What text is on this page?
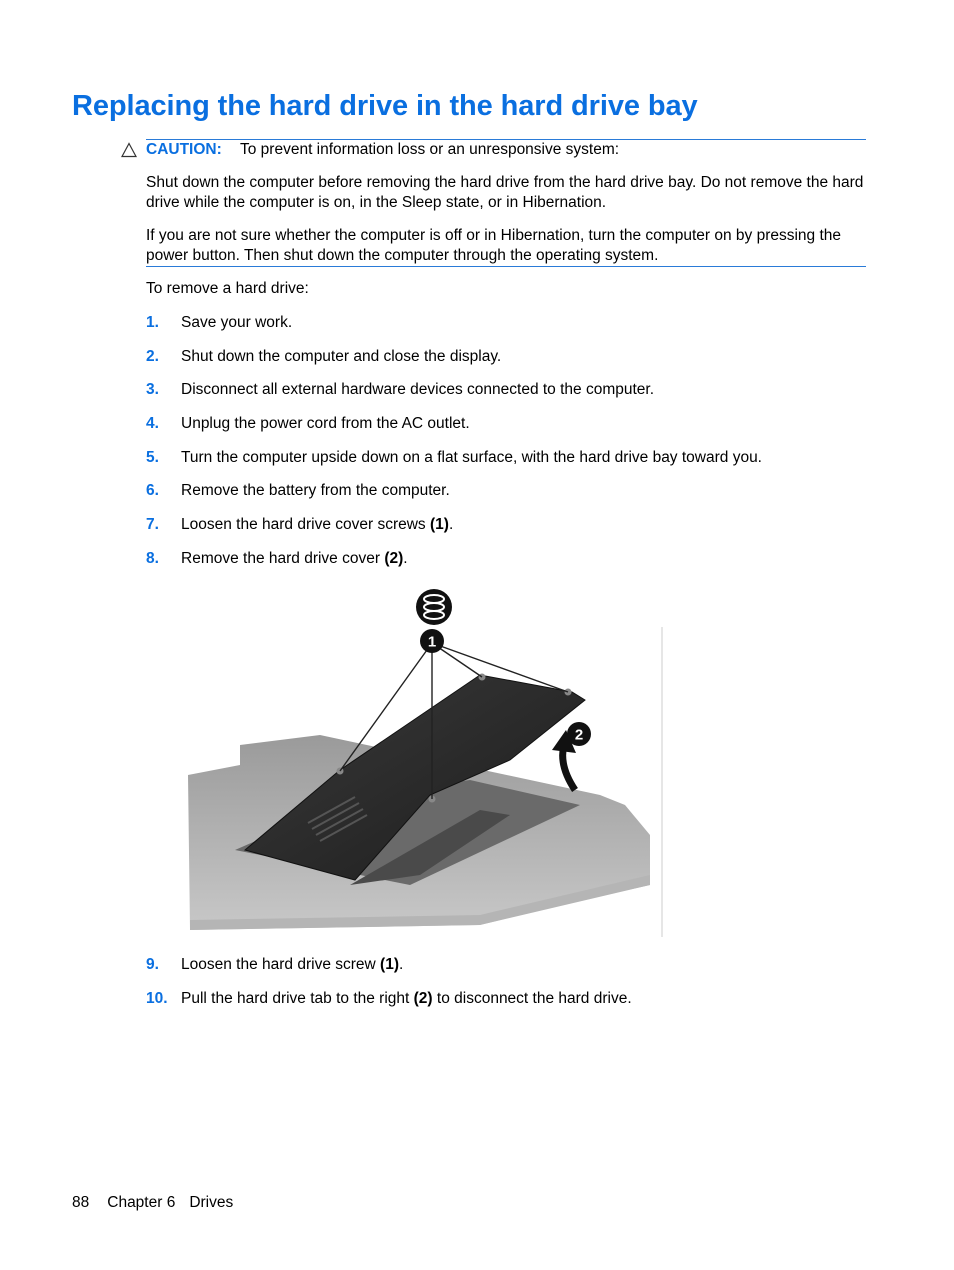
Replacing the hard drive in the hard drive bay
CAUTION: To prevent information loss or an unresponsive system:

Shut down the computer before removing the hard drive from the hard drive bay. Do not remove the hard drive while the computer is on, in the Sleep state, or in Hibernation.

If you are not sure whether the computer is off or in Hibernation, turn the computer on by pressing the power button. Then shut down the computer through the operating system.

To remove a hard drive:
1. Save your work.
2. Shut down the computer and close the display.
3. Disconnect all external hardware devices connected to the computer.
4. Unplug the power cord from the AC outlet.
5. Turn the computer upside down on a flat surface, with the hard drive bay toward you.
6. Remove the battery from the computer.
7. Loosen the hard drive cover screws (1).
8. Remove the hard drive cover (2).
1
2
9. Loosen the hard drive screw (1).
10. Pull the hard drive tab to the right (2) to disconnect the hard drive.
88 Chapter 6 Drives
